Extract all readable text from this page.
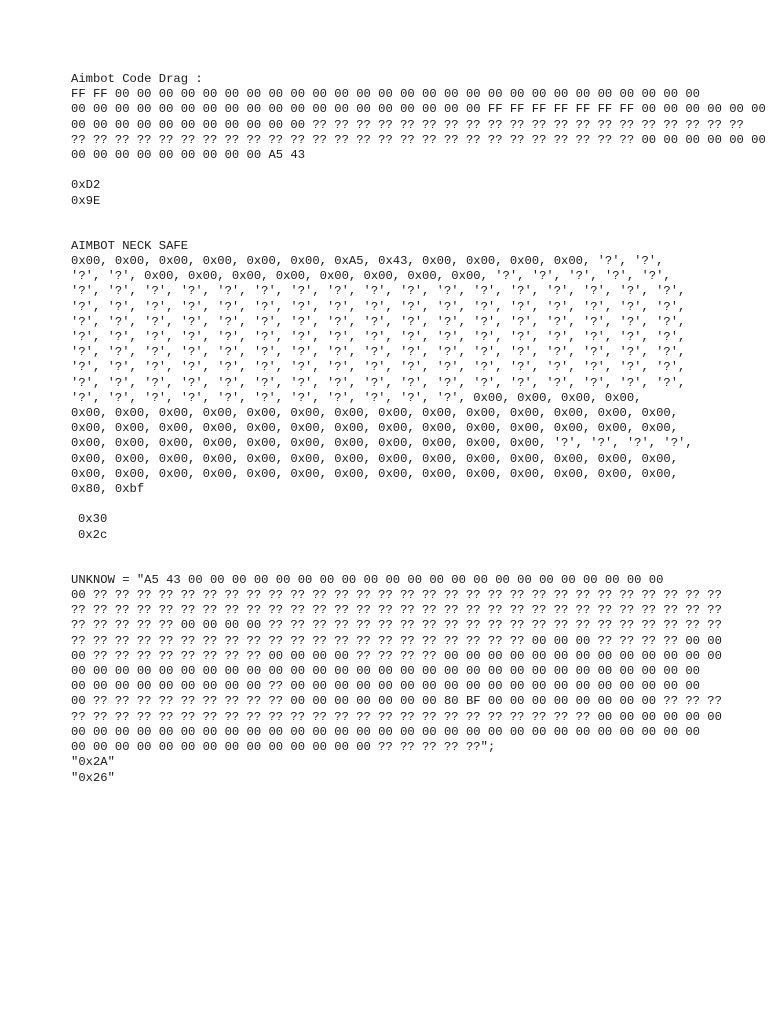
Aimbot Code Drag :
FF FF 00 00 00 00 00 00 00 00 00 00 00 00 00 00 00 00 00 00 00 00 00 00 00 00 00 00 00
00 00 00 00 00 00 00 00 00 00 00 00 00 00 00 00 00 00 00 FF FF FF FF FF FF FF 00 00 00 00 00 00
00 00 00 00 00 00 00 00 00 00 00 ?? ?? ?? ?? ?? ?? ?? ?? ?? ?? ?? ?? ?? ?? ?? ?? ?? ?? ?? ??
?? ?? ?? ?? ?? ?? ?? ?? ?? ?? ?? ?? ?? ?? ?? ?? ?? ?? ?? ?? ?? ?? ?? ?? ?? ?? 00 00 00 00 00 00
00 00 00 00 00 00 00 00 00 A5 43
0xD2
0x9E
AIMBOT NECK SAFE
0x00, 0x00, 0x00, 0x00, 0x00, 0x00, 0xA5, 0x43, 0x00, 0x00, 0x00, 0x00, '?', '?',
'?', '?', 0x00, 0x00, 0x00, 0x00, 0x00, 0x00, 0x00, 0x00, '?', '?', '?', '?', '?',
'?', '?', '?', '?', '?', '?', '?', '?', '?', '?', '?', '?', '?', '?', '?', '?', '?',
'?', '?', '?', '?', '?', '?', '?', '?', '?', '?', '?', '?', '?', '?', '?', '?', '?',
'?', '?', '?', '?', '?', '?', '?', '?', '?', '?', '?', '?', '?', '?', '?', '?', '?',
'?', '?', '?', '?', '?', '?', '?', '?', '?', '?', '?', '?', '?', '?', '?', '?', '?',
'?', '?', '?', '?', '?', '?', '?', '?', '?', '?', '?', '?', '?', '?', '?', '?', '?',
'?', '?', '?', '?', '?', '?', '?', '?', '?', '?', '?', '?', '?', '?', '?', '?', '?',
'?', '?', '?', '?', '?', '?', '?', '?', '?', '?', '?', '?', '?', '?', '?', '?', '?',
'?', '?', '?', '?', '?', '?', '?', '?', '?', '?', '?', 0x00, 0x00, 0x00, 0x00,
0x00, 0x00, 0x00, 0x00, 0x00, 0x00, 0x00, 0x00, 0x00, 0x00, 0x00, 0x00, 0x00, 0x00,
0x00, 0x00, 0x00, 0x00, 0x00, 0x00, 0x00, 0x00, 0x00, 0x00, 0x00, 0x00, 0x00, 0x00,
0x00, 0x00, 0x00, 0x00, 0x00, 0x00, 0x00, 0x00, 0x00, 0x00, 0x00, '?', '?', '?', '?',
0x00, 0x00, 0x00, 0x00, 0x00, 0x00, 0x00, 0x00, 0x00, 0x00, 0x00, 0x00, 0x00, 0x00,
0x00, 0x00, 0x00, 0x00, 0x00, 0x00, 0x00, 0x00, 0x00, 0x00, 0x00, 0x00, 0x00, 0x00,
0x80, 0xbf
0x30
0x2c
UNKNOW = "A5 43 00 00 00 00 00 00 00 00 00 00 00 00 00 00 00 00 00 00 00 00 00 00
00 ?? ?? ?? ?? ?? ?? ?? ?? ?? ?? ?? ?? ?? ?? ?? ?? ?? ?? ?? ?? ?? ?? ?? ?? ?? ?? ?? ?? ??
?? ?? ?? ?? ?? ?? ?? ?? ?? ?? ?? ?? ?? ?? ?? ?? ?? ?? ?? ?? ?? ?? ?? ?? ?? ?? ?? ?? ?? ??
?? ?? ?? ?? ?? 00 00 00 00 ?? ?? ?? ?? ?? ?? ?? ?? ?? ?? ?? ?? ?? ?? ?? ?? ?? ?? ?? ?? ??
?? ?? ?? ?? ?? ?? ?? ?? ?? ?? ?? ?? ?? ?? ?? ?? ?? ?? ?? ?? ?? 00 00 00 ?? ?? ?? ?? 00 00
00 ?? ?? ?? ?? ?? ?? ?? ?? 00 00 00 00 ?? ?? ?? ?? 00 00 00 00 00 00 00 00 00 00 00 00 00
00 00 00 00 00 00 00 00 00 00 00 00 00 00 00 00 00 00 00 00 00 00 00 00 00 00 00 00 00
00 00 00 00 00 00 00 00 00 ?? 00 00 00 00 00 00 00 00 00 00 00 00 00 00 00 00 00 00 00
00 ?? ?? ?? ?? ?? ?? ?? ?? ?? 00 00 00 00 00 00 00 80 BF 00 00 00 00 00 00 00 00 ?? ?? ??
?? ?? ?? ?? ?? ?? ?? ?? ?? ?? ?? ?? ?? ?? ?? ?? ?? ?? ?? ?? ?? ?? ?? ?? 00 00 00 00 00 00
00 00 00 00 00 00 00 00 00 00 00 00 00 00 00 00 00 00 00 00 00 00 00 00 00 00 00 00 00
00 00 00 00 00 00 00 00 00 00 00 00 00 00 ?? ?? ?? ?? ??";
"0x2A"
"0x26"
